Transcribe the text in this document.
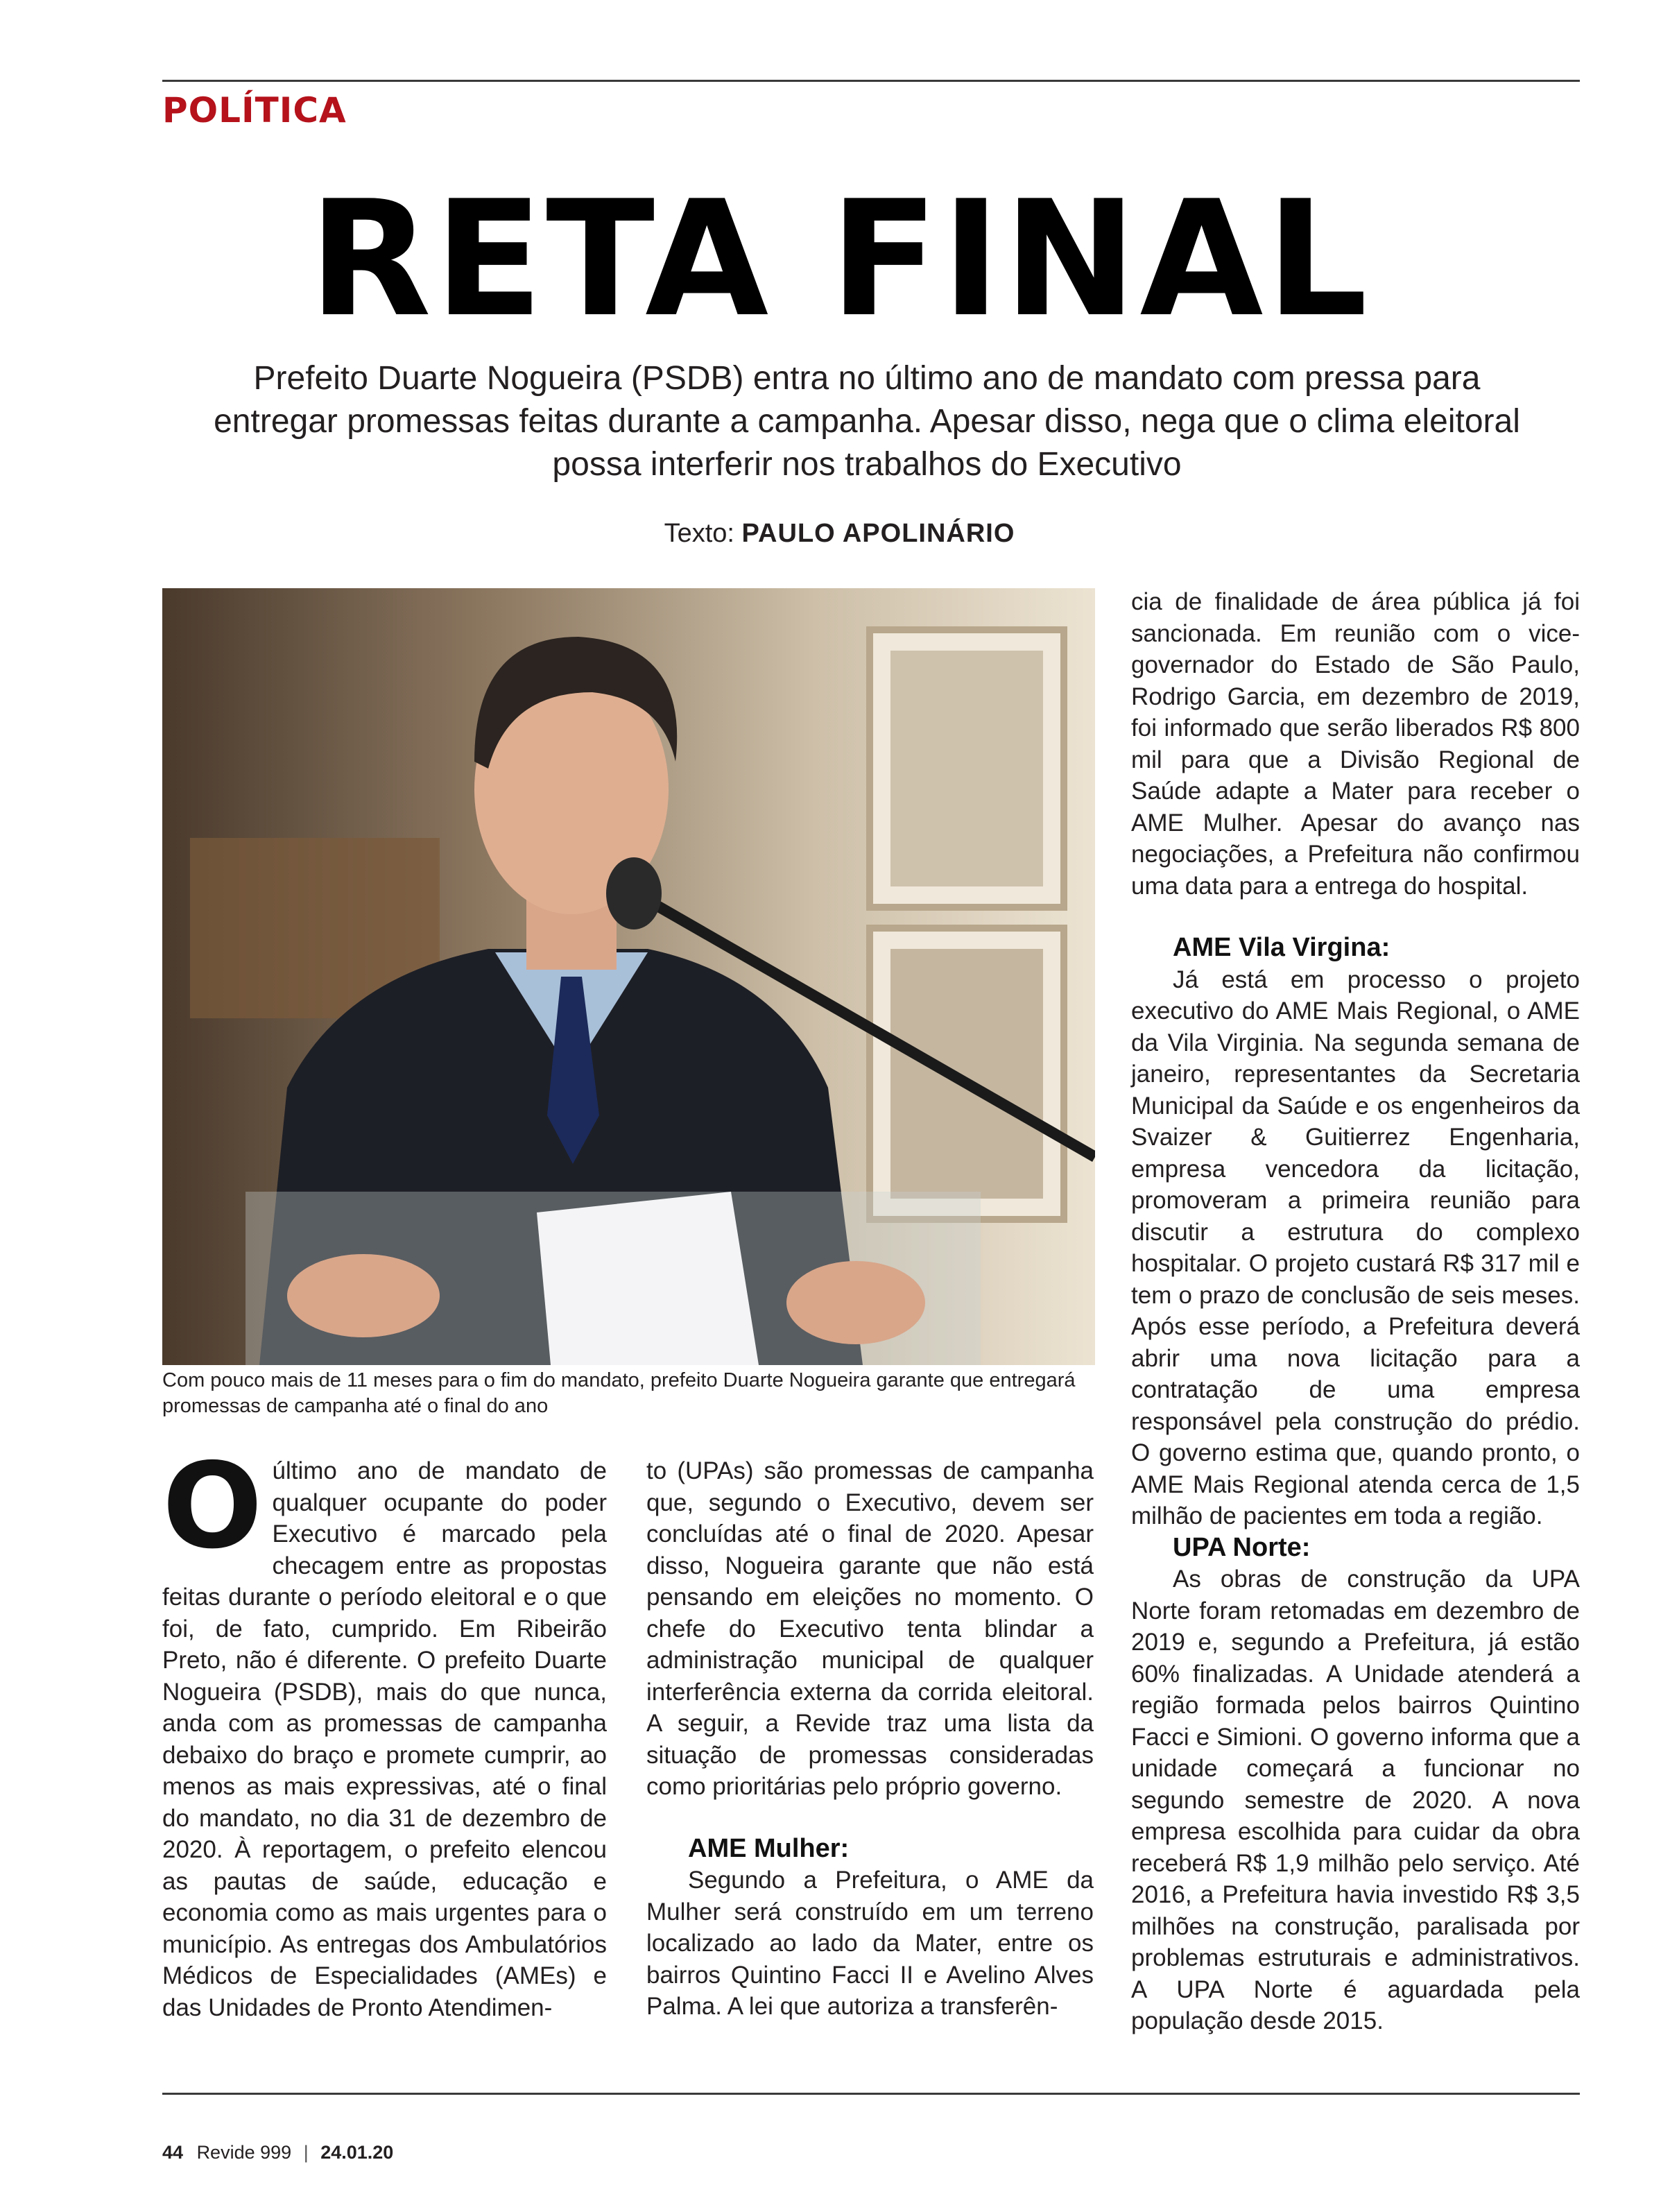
POLÍTICA
RETA FINAL
Prefeito Duarte Nogueira (PSDB) entra no último ano de mandato com pressa para entregar promessas feitas durante a campanha. Apesar disso, nega que o clima eleitoral possa interferir nos trabalhos do Executivo
Texto: PAULO APOLINÁRIO
Com pouco mais de 11 meses para o fim do mandato, prefeito Duarte Nogueira garante que entregará promessas de campanha até o final do ano

O último ano de mandato de qualquer ocupante do poder Executivo é marcado pela checagem entre as propostas feitas durante o período eleitoral e o que foi, de fato, cumprido. Em Ribeirão Preto, não é diferente. O prefeito Duarte Nogueira (PSDB), mais do que nunca, anda com as promessas de campanha debaixo do braço e promete cumprir, ao menos as mais expressivas, até o final do mandato, no dia 31 de dezembro de 2020. À reportagem, o prefeito elencou as pautas de saúde, educação e economia como as mais urgentes para o município. As entregas dos Ambulatórios Médicos de Especialidades (AMEs) e das Unidades de Pronto Atendimen-

to (UPAs) são promessas de campanha que, segundo o Executivo, devem ser concluídas até o final de 2020. Apesar disso, Nogueira garante que não está pensando em eleições no momento. O chefe do Executivo tenta blindar a administração municipal de qualquer interferência externa da corrida eleitoral. A seguir, a Revide traz uma lista da situação de promessas consideradas como prioritárias pelo próprio governo.

AME Mulher:

Segundo a Prefeitura, o AME da Mulher será construído em um terreno localizado ao lado da Mater, entre os bairros Quintino Facci II e Avelino Alves Palma. A lei que autoriza a transferên-

cia de finalidade de área pública já foi sancionada. Em reunião com o vice-governador do Estado de São Paulo, Rodrigo Garcia, em dezembro de 2019, foi informado que serão liberados R$ 800 mil para que a Divisão Regional de Saúde adapte a Mater para receber o AME Mulher. Apesar do avanço nas negociações, a Prefeitura não confirmou uma data para a entrega do hospital.

AME Vila Virgina:

Já está em processo o projeto executivo do AME Mais Regional, o AME da Vila Virginia. Na segunda semana de janeiro, representantes da Secretaria Municipal da Saúde e os engenheiros da Svaizer & Guitierrez Engenharia, empresa vencedora da licitação, promoveram a primeira reunião para discutir a estrutura do complexo hospitalar. O projeto custará R$ 317 mil e tem o prazo de conclusão de seis meses. Após esse período, a Prefeitura deverá abrir uma nova licitação para a contratação de uma empresa responsável pela construção do prédio. O governo estima que, quando pronto, o AME Mais Regional atenda cerca de 1,5 milhão de pacientes em toda a região.

UPA Norte:

As obras de construção da UPA Norte foram retomadas em dezembro de 2019 e, segundo a Prefeitura, já estão 60% finalizadas. A Unidade atenderá a região formada pelos bairros Quintino Facci e Simioni. O governo informa que a unidade começará a funcionar no segundo semestre de 2020. A nova empresa escolhida para cuidar da obra receberá R$ 1,9 milhão pelo serviço. Até 2016, a Prefeitura havia investido R$ 3,5 milhões na construção, paralisada por problemas estruturais e administrativos. A UPA Norte é aguardada pela população desde 2015.

44 Revide 999 | 24.01.20
